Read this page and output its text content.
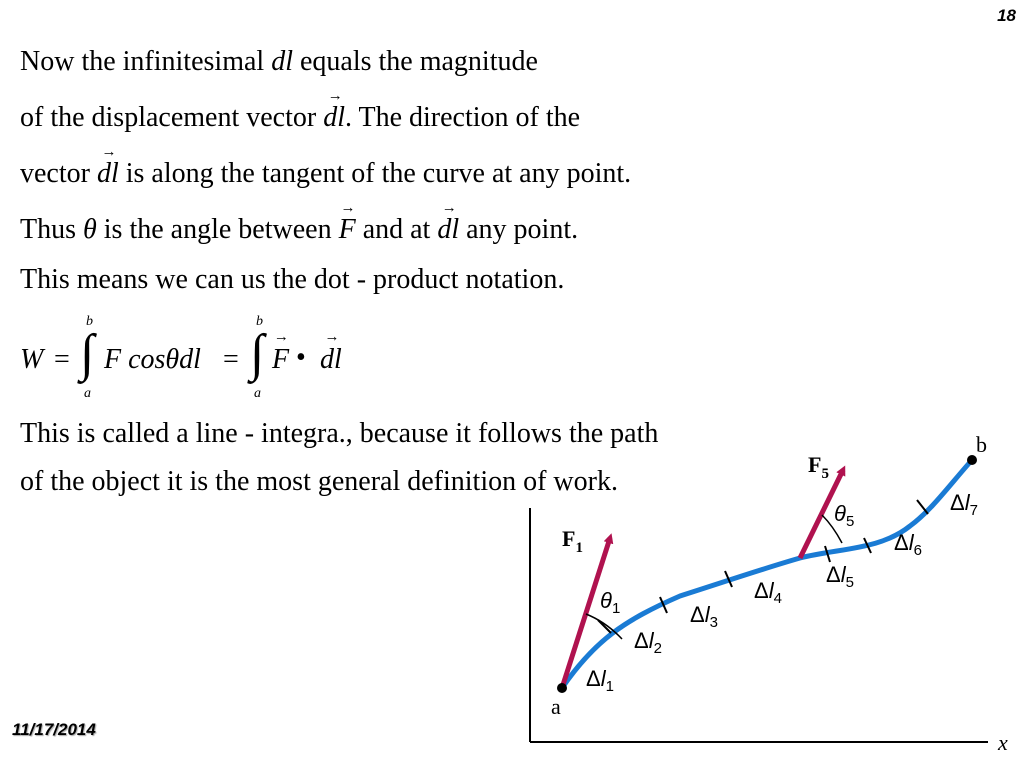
18
Now the infinitesimal dl equals the magnitude
of the displacement vector dl
→
. The direction of the
vector dl
→
is along the tangent of the curve at any point.
Thus θ is the angle between F
→
and at dl
→
any point.
This means we can us the dot - product notation.
W =
b
∫
a
F cosθdl =
b
∫
a
F
→
• dl
→
This is called a line - integra., because it follows the path
of the object it is the most general definition of work.
x
a
b
$F_1$
$F_5$
$\theta_1$
$\theta_5$
$\Delta l_1$
$\Delta l_2$
$\Delta l_3$
$\Delta l_4$
$\Delta l_5$
$\Delta l_6$
$\Delta l_7$
11/17/2014
